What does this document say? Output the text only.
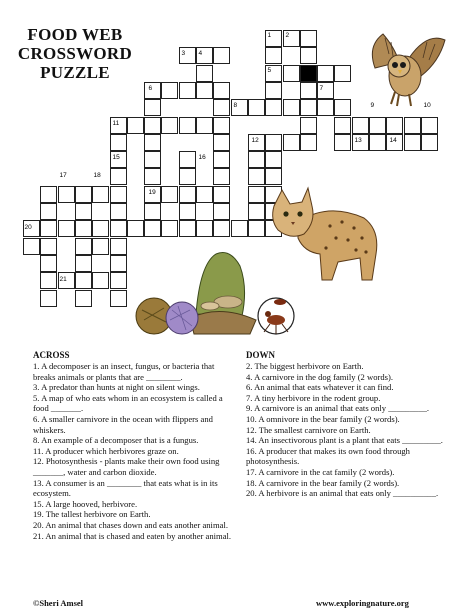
FOOD WEB
CROSSWORD
PUZZLE
1 2
3 4
5
6	7
8	9	10
11
12	13	14
15	16
17	18
19
20
21
ACROSS	DOWN
1. A decomposer is an insect, fungus, or bacteria that breaks animals or plants that are ________.
3. A predator than hunts at night on silent wings.
5. A map of who eats whom in an ecosystem is called a food _______.
6. A smaller carnivore in the ocean with flippers and whiskers.
8. An example of a decomposer that is a fungus.
11. A producer which herbivores graze on.
12. Photosynthesis - plants make their own food using _______, water and carbon dioxide.
13. A consumer is an ________ that eats what is in its ecosystem.
15. A large hooved, herbivore.
19. The tallest herbivore on Earth.
20. An animal that chases down and eats another animal.
21. An animal that is chased and eaten by another animal.
2. The biggest herbivore on Earth.
4. A carnivore in the dog family (2 words).
6. An animal that eats whatever it can find.
7. A tiny herbivore in the rodent group.
9. A carnivore is an animal that eats only _________.
10. A omnivore in the bear family (2 words).
12. The smallest carnivore on Earth.
14. An insectivorous plant is a plant that eats _________.
16. A producer that makes its own food through photosynthesis.
17. A carnivore in the cat family (2 words).
18. A carnivore in the bear family (2 words).
20. A herbivore is an animal that eats only __________.
©Sheri Amsel	www.exploringnature.org
